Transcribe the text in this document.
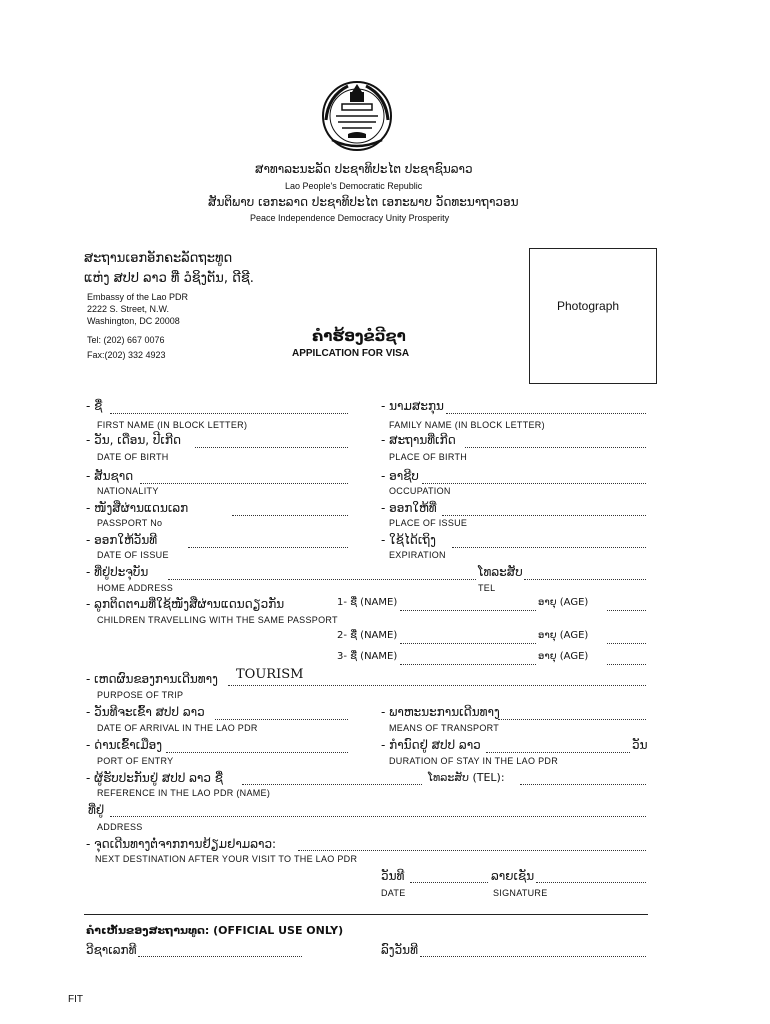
ສາທາລະນະລັດ ປະຊາທິປະໄຕ ປະຊາຊົນລາວ
Lao People's Democratic Republic
ສັນຕິພາບ ເອກະລາດ ປະຊາທິປະໄຕ ເອກະພາບ ວັດທະນາຖາວອນ
Peace Independence Democracy Unity Prosperity
ສະຖານເອກອັກຄະລັດຖະທູດ
ແຫ່ງ ສປປ ລາວ ທີ່ ວໍຊິງຕັນ, ດີຊີ.
Embassy of the Lao PDR
2222 S. Street, N.W.
Washington, DC 20008
Tel: (202) 667 0076
Fax:(202) 332 4923
Photograph
ຄໍາຮ້ອງຂໍວີຊາ
APPILCATION FOR VISA
- ຊື່
FIRST NAME (IN BLOCK LETTER)
- ນາມສະກຸນ
FAMILY NAME (IN BLOCK LETTER)
- ວັນ, ເດືອນ, ປີເກີດ
DATE OF BIRTH
- ສະຖານທີ່ເກີດ
PLACE OF BIRTH
- ສັນຊາດ
NATIONALITY
- ອາຊີບ
OCCUPATION
- ໜັງສືຜ່ານແດນເລກ
PASSPORT No
- ອອກໃຫ້ທີ່
PLACE OF ISSUE
- ອອກໃຫ້ວັນທີ
DATE OF ISSUE
- ໃຊ້ໄດ້ເຖິງ
EXPIRATION
- ທີ່ຢູ່ປະຈຸບັນ	ໂທລະສັບ
HOME ADDRESS	TEL
- ລູກຕິດຕາມທີ່ໃຊ້ໜັງສືຜ່ານແດນດຽວກັນ	1- ຊື່ (NAME)	ອາຍຸ (AGE)
CHILDREN TRAVELLING WITH THE SAME PASSPORT
2- ຊື່ (NAME)	ອາຍຸ (AGE)
3- ຊື່ (NAME)	ອາຍຸ (AGE)
- ເຫດຜົນຂອງການເດີນທາງ TOURISM
PURPOSE OF TRIP
- ວັນທີຈະເຂົ້າ ສປປ ລາວ
DATE OF ARRIVAL IN THE LAO PDR
- ພາຫະນະການເດີນທາງ
MEANS OF TRANSPORT
- ດ່ານເຂົ້າເມືອງ
PORT OF ENTRY
- ກຳນົດຢູ່ ສປປ ລາວ	ວັນ
DURATION OF STAY IN THE LAO PDR
- ຜູ້ຮັບປະກັນຢູ່ ສປປ ລາວ ຊື່	ໂທລະສັບ (TEL):
REFERENCE IN THE LAO PDR (NAME)
ທີ່ຢູ່
ADDRESS
- ຈຸດເດີນທາງຕໍ່ຈາກການຢ້ຽມຢາມລາວ:
NEXT DESTINATION AFTER YOUR VISIT TO THE LAO PDR
ວັນທີ	ລາຍເຊັນ
DATE	SIGNATURE
ຄຳເຫັນຂອງສະຖານທູດ: (OFFICIAL USE ONLY)
ວີຊາເລກທີ	ລົງວັນທີ
FIT
